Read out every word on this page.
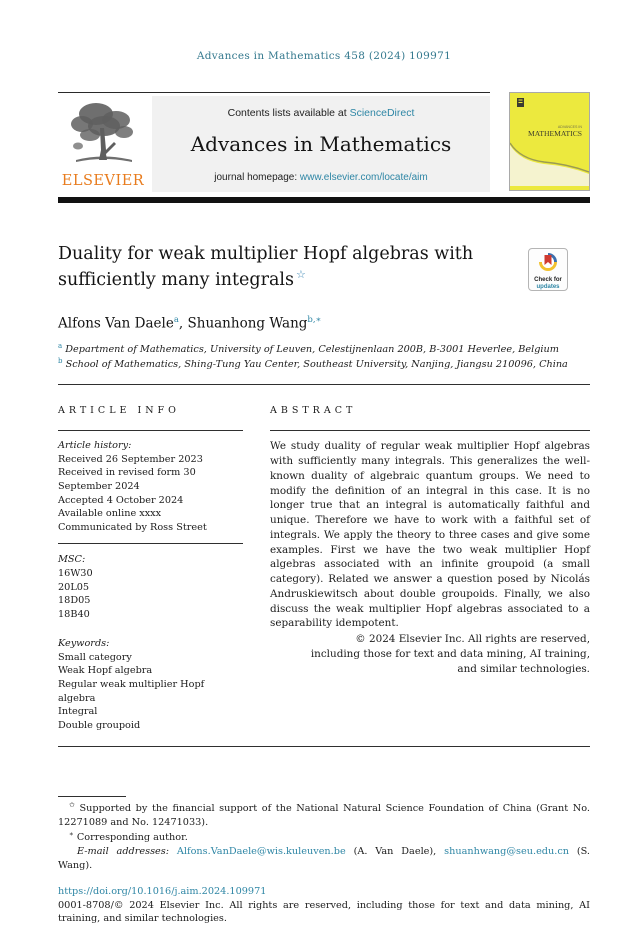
Advances in Mathematics 458 (2024) 109971
ELSEVIER
Contents lists available at ScienceDirect
Advances in Mathematics
journal homepage: www.elsevier.com/locate/aim
ADVANCES IN
MATHEMATICS
Duality for weak multiplier Hopf algebras with sufficiently many integrals ☆	Check for
updates
Alfons Van Daele$^a$, Shuanhong Wang$^{b,∗}$
$^a$ Department of Mathematics, University of Leuven, Celestijnenlaan 200B, B-3001 Heverlee, Belgium
$^b$ School of Mathematics, Shing-Tung Yau Center, Southeast University, Nanjing, Jiangsu 210096, China
ARTICLE INFO
Article history:
Received 26 September 2023
Received in revised form 30 September 2024
Accepted 4 October 2024
Available online xxxx
Communicated by Ross Street
MSC:
16W30
20L05
18D05
18B40
Keywords:
Small category
Weak Hopf algebra
Regular weak multiplier Hopf algebra
Integral
Double groupoid
ABSTRACT
We study duality of regular weak multiplier Hopf algebras with sufficiently many integrals. This generalizes the well-known duality of algebraic quantum groups. We need to modify the definition of an integral in this case. It is no longer true that an integral is automatically faithful and unique. Therefore we have to work with a faithful set of integrals. We apply the theory to three cases and give some examples. First we have the two weak multiplier Hopf algebras associated with an infinite groupoid (a small category). Related we answer a question posed by Nicolás Andruskiewitsch about double groupoids. Finally, we also discuss the weak multiplier Hopf algebras associated to a separability idempotent.
© 2024 Elsevier Inc. All rights are reserved, including those for text and data mining, AI training, and similar technologies.

✩ Supported by the financial support of the National Natural Science Foundation of China (Grant No. 12271089 and No. 12471033).

∗ Corresponding author.

E-mail addresses: Alfons.VanDaele@wis.kuleuven.be (A. Van Daele), shuanhwang@seu.edu.cn (S. Wang).

https://doi.org/10.1016/j.aim.2024.109971
0001-8708/© 2024 Elsevier Inc. All rights are reserved, including those for text and data mining, AI training, and similar technologies.
